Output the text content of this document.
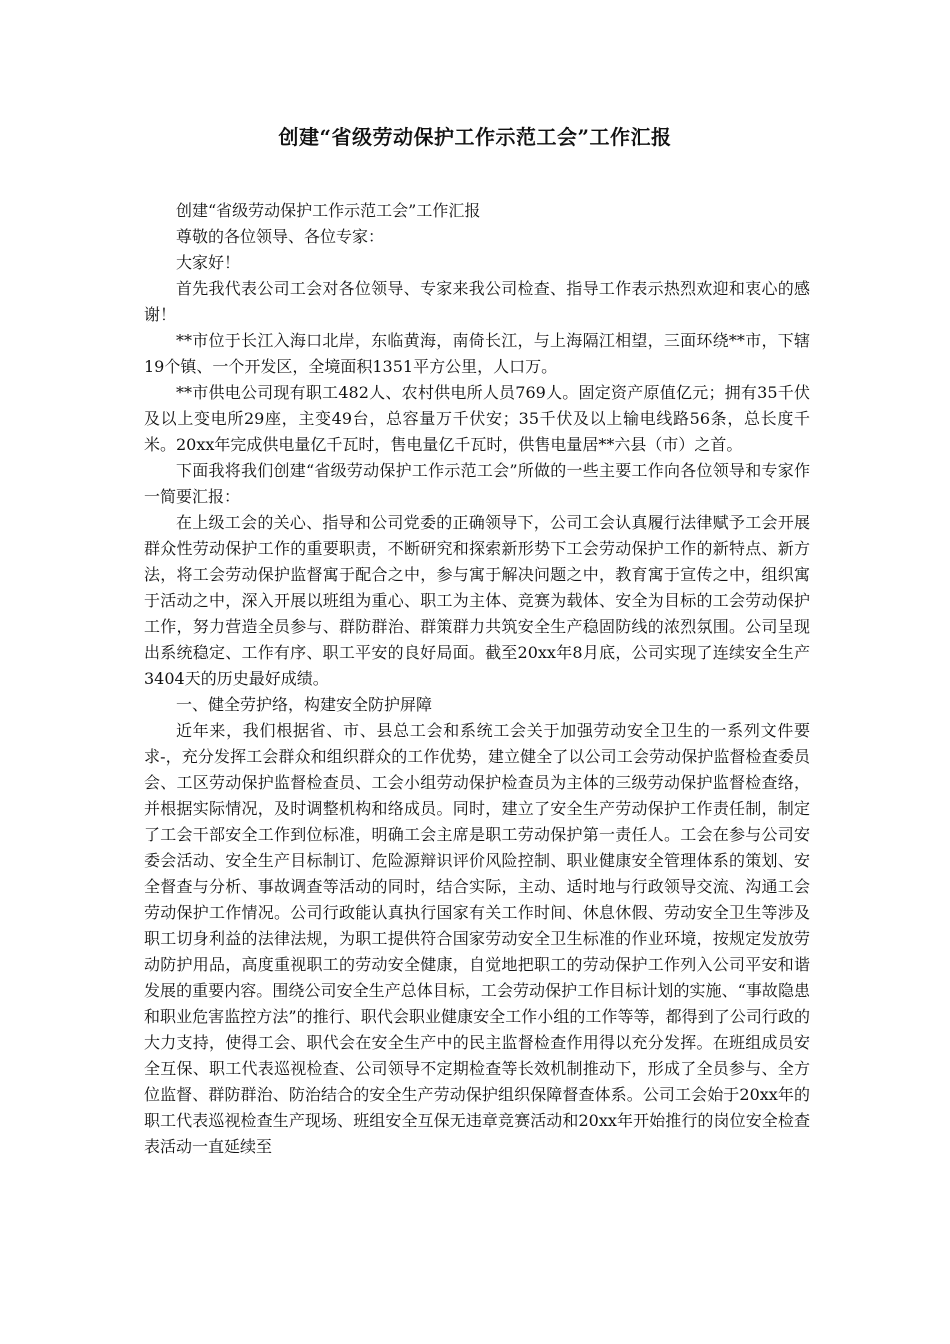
创建“省级劳动保护工作示范工会”工作汇报

创建“省级劳动保护工作示范工会”工作汇报

尊敬的各位领导、各位专家：

大家好！

首先我代表公司工会对各位领导、专家来我公司检查、指导工作表示热烈欢迎和衷心的感谢！

**市位于长江入海口北岸，东临黄海，南倚长江，与上海隔江相望，三面环绕**市，下辖19个镇、一个开发区，全境面积1351平方公里，人口万。

**市供电公司现有职工482人、农村供电所人员769人。固定资产原值亿元；拥有35千伏及以上变电所29座，主变49台，总容量万千伏安；35千伏及以上输电线路56条，总长度千米。20xx年完成供电量亿千瓦时，售电量亿千瓦时，供售电量居**六县（市）之首。

下面我将我们创建“省级劳动保护工作示范工会”所做的一些主要工作向各位领导和专家作一简要汇报：

在上级工会的关心、指导和公司党委的正确领导下，公司工会认真履行法律赋予工会开展群众性劳动保护工作的重要职责，不断研究和探索新形势下工会劳动保护工作的新特点、新方法，将工会劳动保护监督寓于配合之中，参与寓于解决问题之中，教育寓于宣传之中，组织寓于活动之中，深入开展以班组为重心、职工为主体、竞赛为载体、安全为目标的工会劳动保护工作，努力营造全员参与、群防群治、群策群力共筑安全生产稳固防线的浓烈氛围。公司呈现出系统稳定、工作有序、职工平安的良好局面。截至20xx年8月底，公司实现了连续安全生产3404天的历史最好成绩。

一、健全劳护络，构建安全防护屏障

近年来，我们根据省、市、县总工会和系统工会关于加强劳动安全卫生的一系列文件要求-，充分发挥工会群众和组织群众的工作优势，建立健全了以公司工会劳动保护监督检查委员会、工区劳动保护监督检查员、工会小组劳动保护检查员为主体的三级劳动保护监督检查络，并根据实际情况，及时调整机构和络成员。同时，建立了安全生产劳动保护工作责任制，制定了工会干部安全工作到位标准，明确工会主席是职工劳动保护第一责任人。工会在参与公司安委会活动、安全生产目标制订、危险源辩识评价风险控制、职业健康安全管理体系的策划、安全督查与分析、事故调查等活动的同时，结合实际，主动、适时地与行政领导交流、沟通工会劳动保护工作情况。公司行政能认真执行国家有关工作时间、休息休假、劳动安全卫生等涉及职工切身利益的法律法规，为职工提供符合国家劳动安全卫生标准的作业环境，按规定发放劳动防护用品，高度重视职工的劳动安全健康，自觉地把职工的劳动保护工作列入公司平安和谐发展的重要内容。围绕公司安全生产总体目标，工会劳动保护工作目标计划的实施、“事故隐患和职业危害监控方法”的推行、职代会职业健康安全工作小组的工作等等，都得到了公司行政的大力支持，使得工会、职代会在安全生产中的民主监督检查作用得以充分发挥。在班组成员安全互保、职工代表巡视检查、公司领导不定期检查等长效机制推动下，形成了全员参与、全方位监督、群防群治、防治结合的安全生产劳动保护组织保障督查体系。公司工会始于20xx年的职工代表巡视检查生产现场、班组安全互保无违章竞赛活动和20xx年开始推行的岗位安全检查表活动一直延续至
